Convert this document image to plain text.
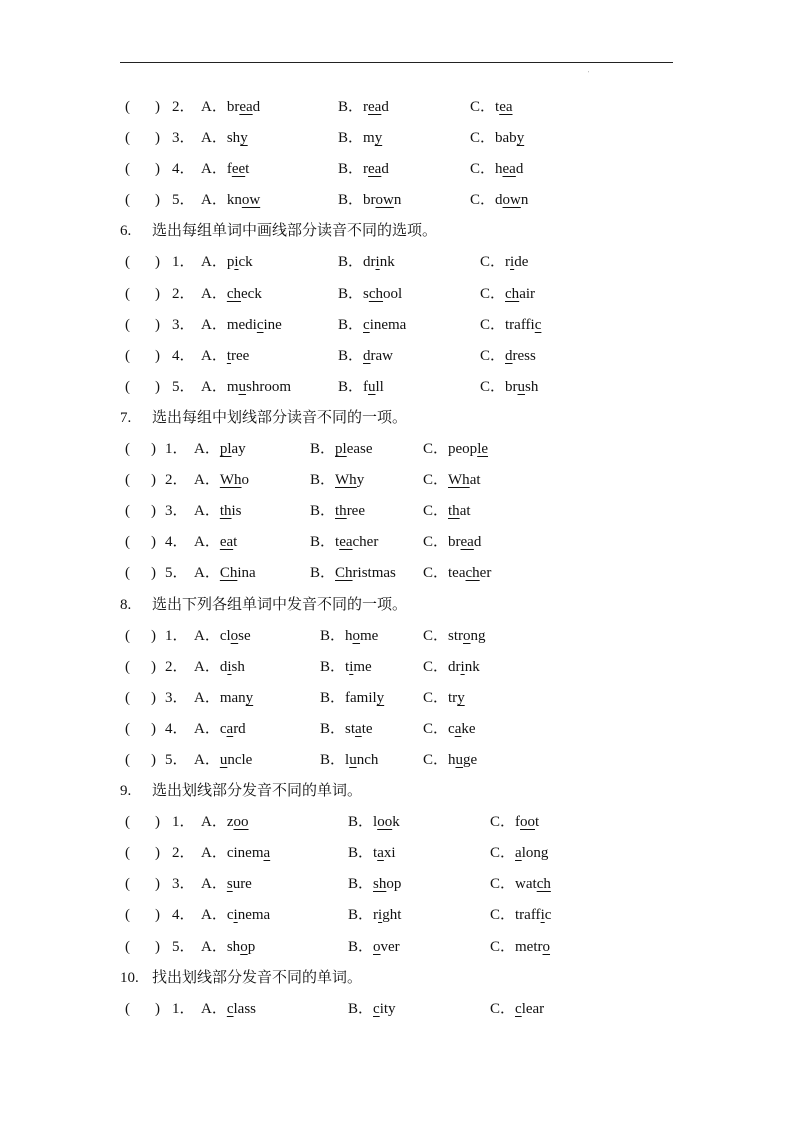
'
( ) 2． A．bread	B．read	C．tea
( ) 3． A．shy	B．my	C．baby
( ) 4． A．feet	B．read	C．head
( ) 5． A．know	B．brown	C．down
6. 选出每组单词中画线部分读音不同的选项。
( ) 1． A．pick	B．drink	C．ride
( ) 2． A．check	B．school	C．chair
( ) 3． A．medicine	B．cinema	C．traffic
( ) 4． A．tree	B．draw	C．dress
( ) 5． A．mushroom	B．full	C．brush
7. 选出每组中划线部分读音不同的一项。
( ) 1． A．play	B．please	C．people
( ) 2． A．Who	B．Why	C．What
( ) 3． A．this	B．three	C．that
( ) 4． A．eat	B．teacher	C．bread
( ) 5． A．China	B．Christmas C．teacher
8. 选出下列各组单词中发音不同的一项。
( ) 1． A．close	B．home	C．strong
( ) 2． A．dish	B．time	C．drink
( ) 3． A．many	B．family	C．try
( ) 4． A．card	B．state	C．cake
( ) 5． A．uncle	B．lunch	C．huge
9. 选出划线部分发音不同的单词。
( ) 1． A．zoo	B．look	C．foot
( ) 2． A．cinema	B．taxi	C．along
( ) 3． A．sure	B．shop	C．watch
( ) 4． A．cinema	B．right	C．traffic
( ) 5． A．shop	B．over	C．metro
10. 找出划线部分发音不同的单词。
( ) 1． A．class	B．city	C．clear
